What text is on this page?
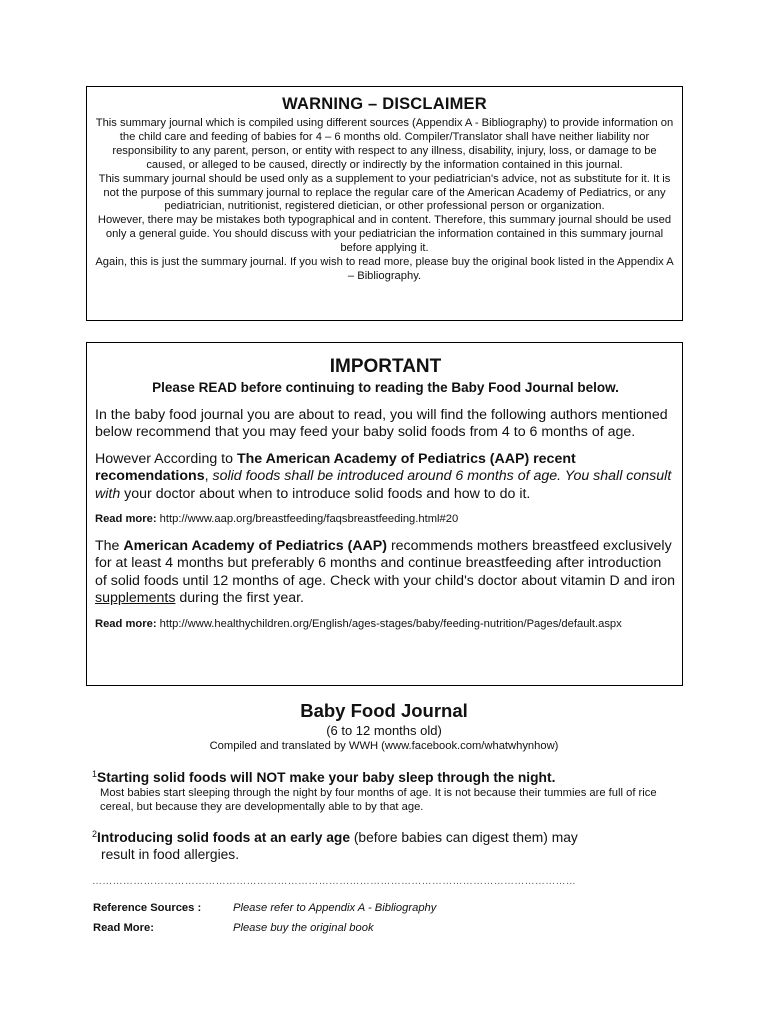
WARNING – DISCLAIMER

This summary journal which is compiled using different sources (Appendix A - Bibliography) to provide information on the child care and feeding of babies for 4 – 6 months old. Compiler/Translator shall have neither liability nor responsibility to any parent, person, or entity with respect to any illness, disability, injury, loss, or damage to be caused, or alleged to be caused, directly or indirectly by the information contained in this journal.

This summary journal should be used only as a supplement to your pediatrician's advice, not as substitute for it. It is not the purpose of this summary journal to replace the regular care of the American Academy of Pediatrics, or any pediatrician, nutritionist, registered dietician, or other professional person or organization.

However, there may be mistakes both typographical and in content. Therefore, this summary journal should be used only a general guide. You should discuss with your pediatrician the information contained in this summary journal before applying it.

Again, this is just the summary journal. If you wish to read more, please buy the original book listed in the Appendix A – Bibliography.

IMPORTANT

Please READ before continuing to reading the Baby Food Journal below.

In the baby food journal you are about to read, you will find the following authors mentioned below recommend that you may feed your baby solid foods from 4 to 6 months of age.

However According to The American Academy of Pediatrics (AAP) recent recomendations, solid foods shall be introduced around 6 months of age. You shall consult with your doctor about when to introduce solid foods and how to do it.

Read more: http://www.aap.org/breastfeeding/faqsbreastfeeding.html#20

The American Academy of Pediatrics (AAP) recommends mothers breastfeed exclusively for at least 4 months but preferably 6 months and continue breastfeeding after introduction of solid foods until 12 months of age. Check with your child's doctor about vitamin D and iron supplements during the first year.

Read more: http://www.healthychildren.org/English/ages-stages/baby/feeding-nutrition/Pages/default.aspx

Baby Food Journal

(6 to 12 months old)

Compiled and translated by WWH (www.facebook.com/whatwhynhow)

$^1$Starting solid foods will NOT make your baby sleep through the night.

Most babies start sleeping through the night by four months of age. It is not because their tummies are full of rice cereal, but because they are developmentally able to by that age.

$^2$Introducing solid foods at an early age (before babies can digest them) may

result in food allergies.

……………………………………………………………………………………………………………………………
Reference Sources :	Please refer to Appendix A - Bibliography
Read More:	Please buy the original book
